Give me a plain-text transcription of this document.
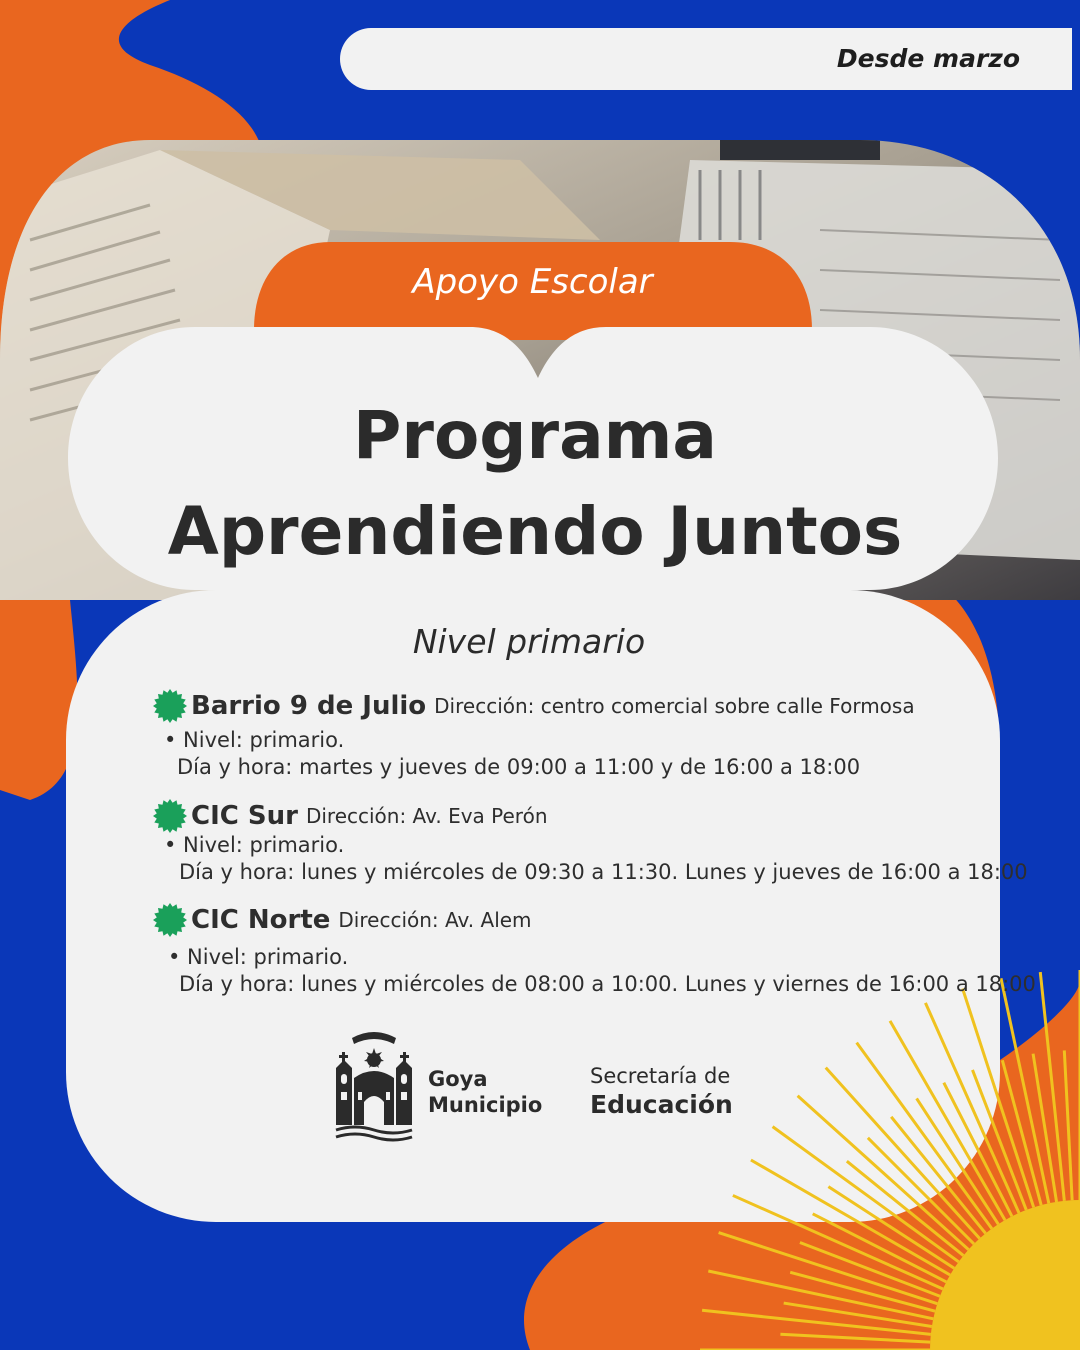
Desde marzo
Apoyo Escolar
Programa
Aprendiendo Juntos
Nivel primario
Barrio 9 de Julio Dirección: centro comercial sobre calle Formosa
• Nivel: primario.
Día y hora: martes y jueves de 09:00 a 11:00 y de 16:00 a 18:00
CIC Sur Dirección: Av. Eva Perón
• Nivel: primario.
Día y hora: lunes y miércoles de 09:30 a 11:30. Lunes y jueves de 16:00 a 18:00
CIC Norte Dirección: Av. Alem
• Nivel: primario.
Día y hora: lunes y miércoles de 08:00 a 10:00. Lunes y viernes de 16:00 a 18:00
Goya
Municipio
Secretaría de
Educación
